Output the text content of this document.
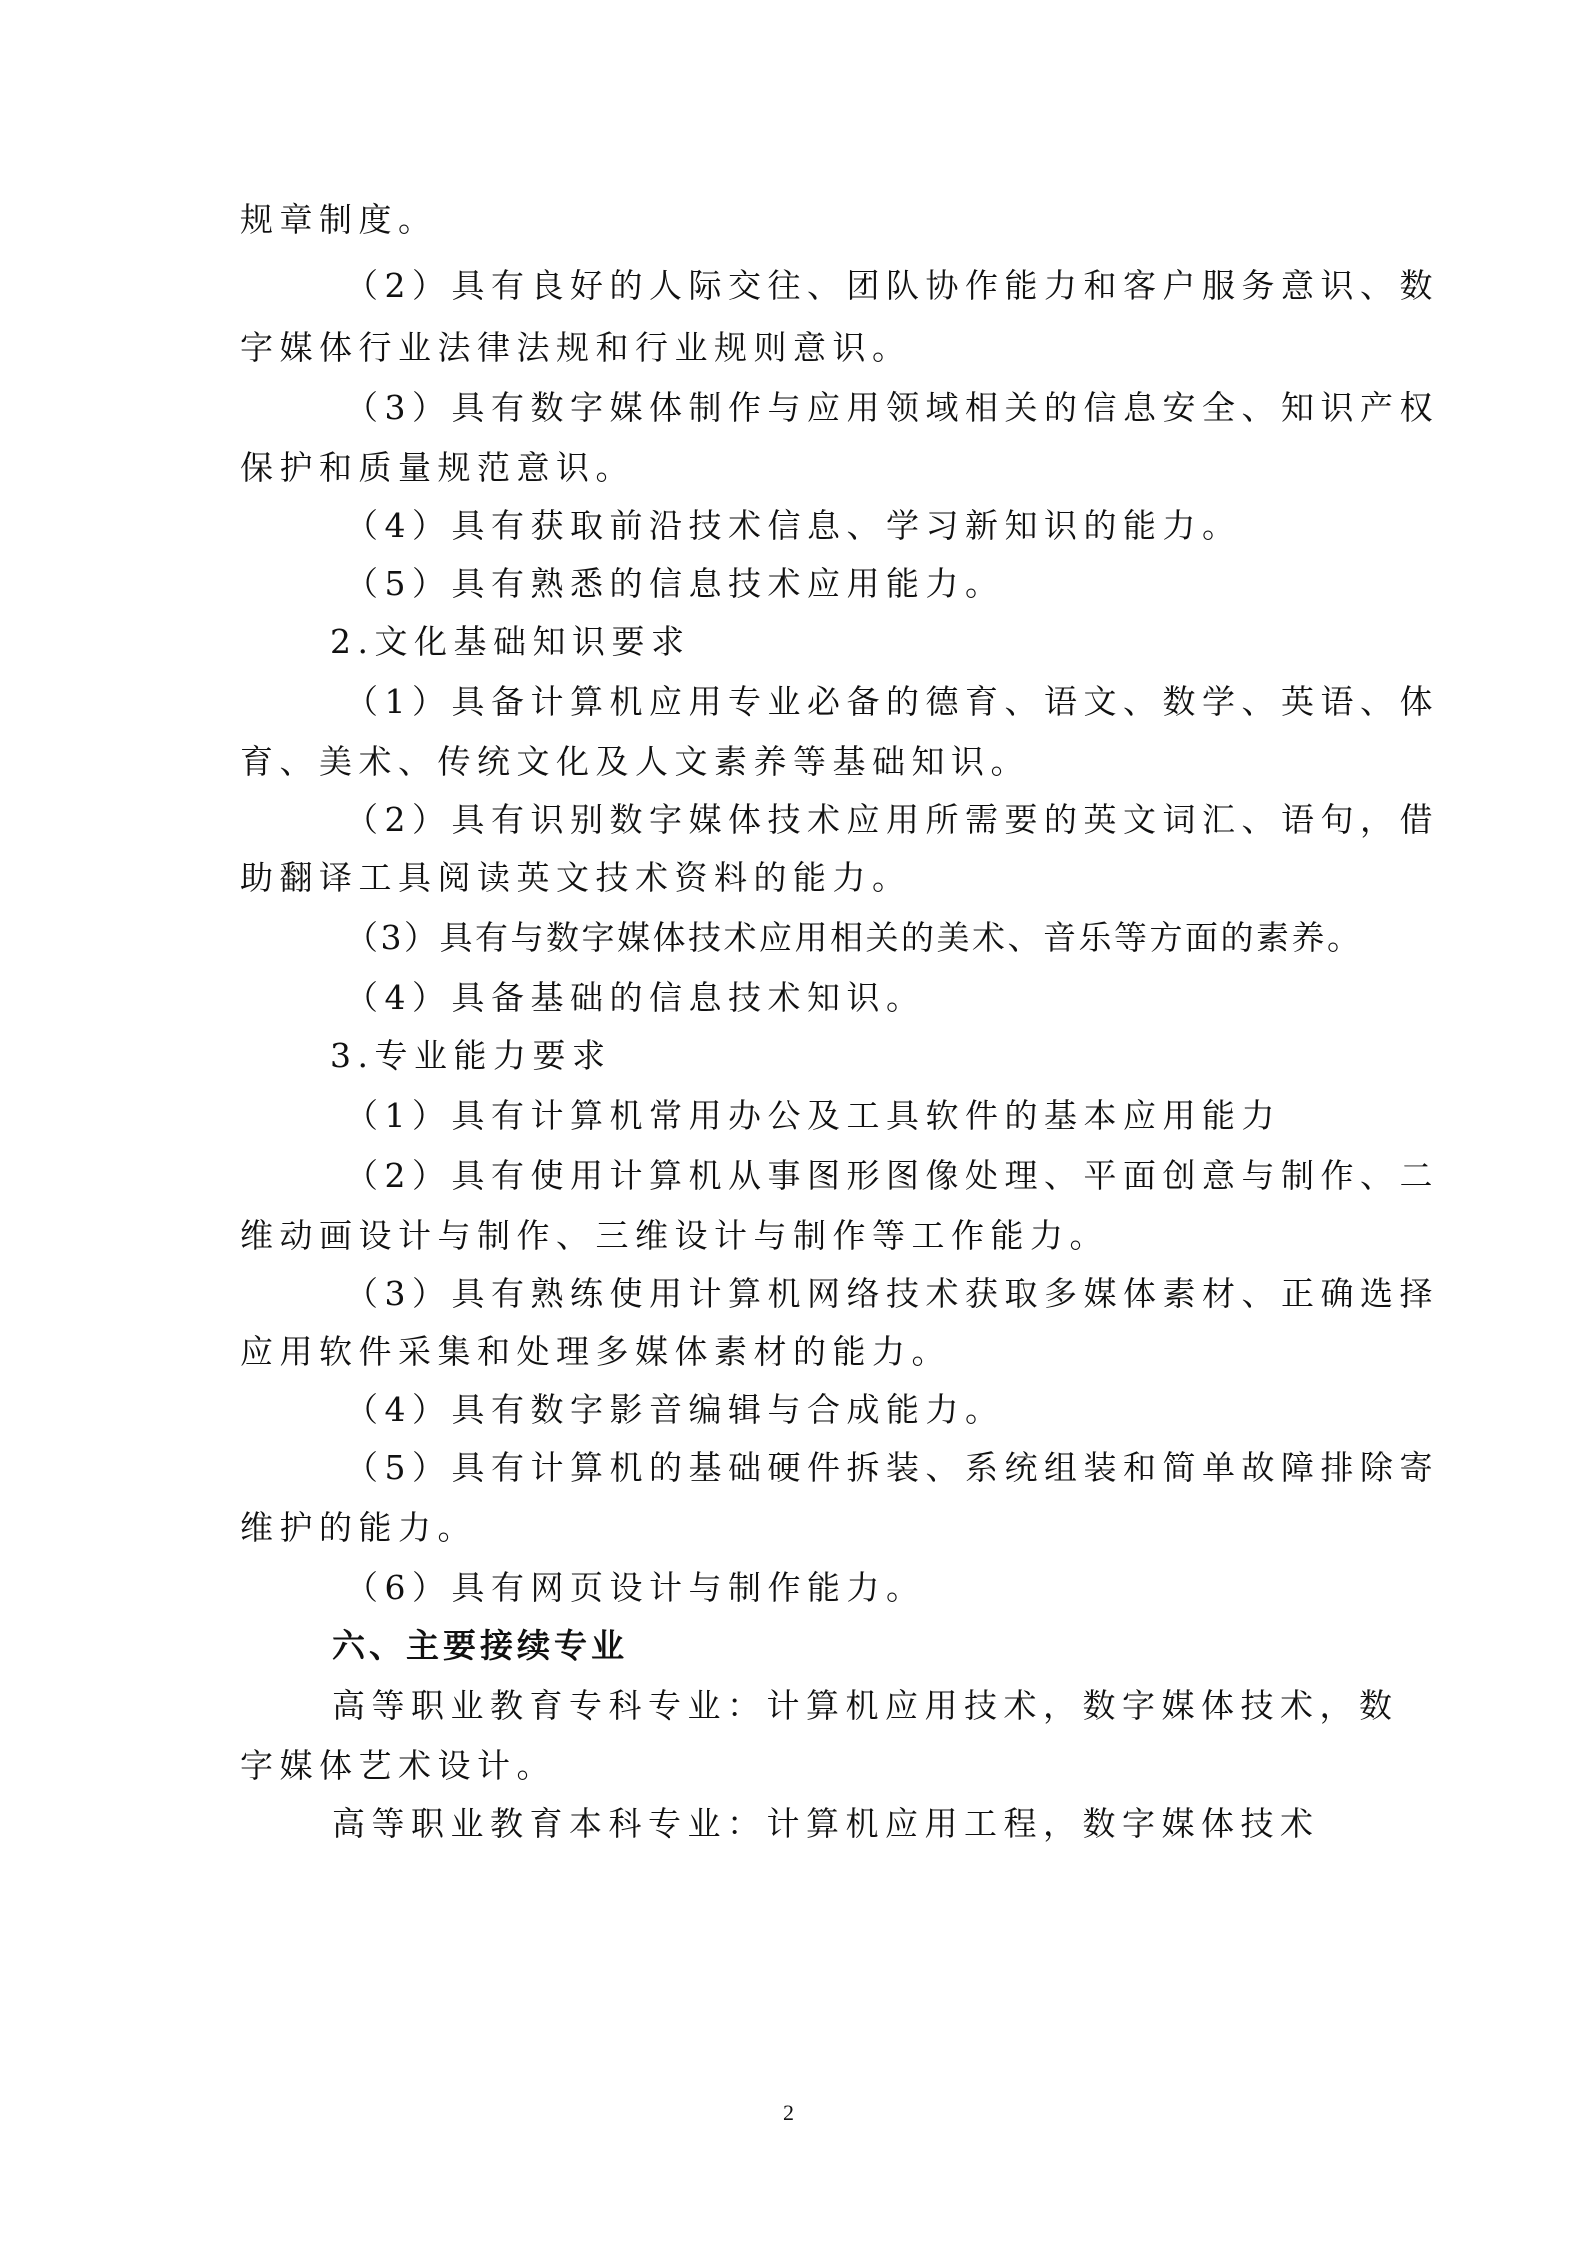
规章制度。
（2）具有良好的人际交往、团队协作能力和客户服务意识、数
字媒体行业法律法规和行业规则意识。
（3）具有数字媒体制作与应用领域相关的信息安全、知识产权
保护和质量规范意识。
（4）具有获取前沿技术信息、学习新知识的能力。
（5）具有熟悉的信息技术应用能力。
2.文化基础知识要求
（1）具备计算机应用专业必备的德育、语文、数学、英语、体
育、美术、传统文化及人文素养等基础知识。
（2）具有识别数字媒体技术应用所需要的英文词汇、语句，借
助翻译工具阅读英文技术资料的能力。
（3）具有与数字媒体技术应用相关的美术、音乐等方面的素养。
（4）具备基础的信息技术知识。
3.专业能力要求
（1）具有计算机常用办公及工具软件的基本应用能力
（2）具有使用计算机从事图形图像处理、平面创意与制作、二
维动画设计与制作、三维设计与制作等工作能力。
（3）具有熟练使用计算机网络技术获取多媒体素材、正确选择
应用软件采集和处理多媒体素材的能力。
（4）具有数字影音编辑与合成能力。
（5）具有计算机的基础硬件拆装、系统组装和简单故障排除寄
维护的能力。
（6）具有网页设计与制作能力。
六、主要接续专业
高等职业教育专科专业：计算机应用技术，数字媒体技术，数
字媒体艺术设计。
高等职业教育本科专业：计算机应用工程，数字媒体技术
2
